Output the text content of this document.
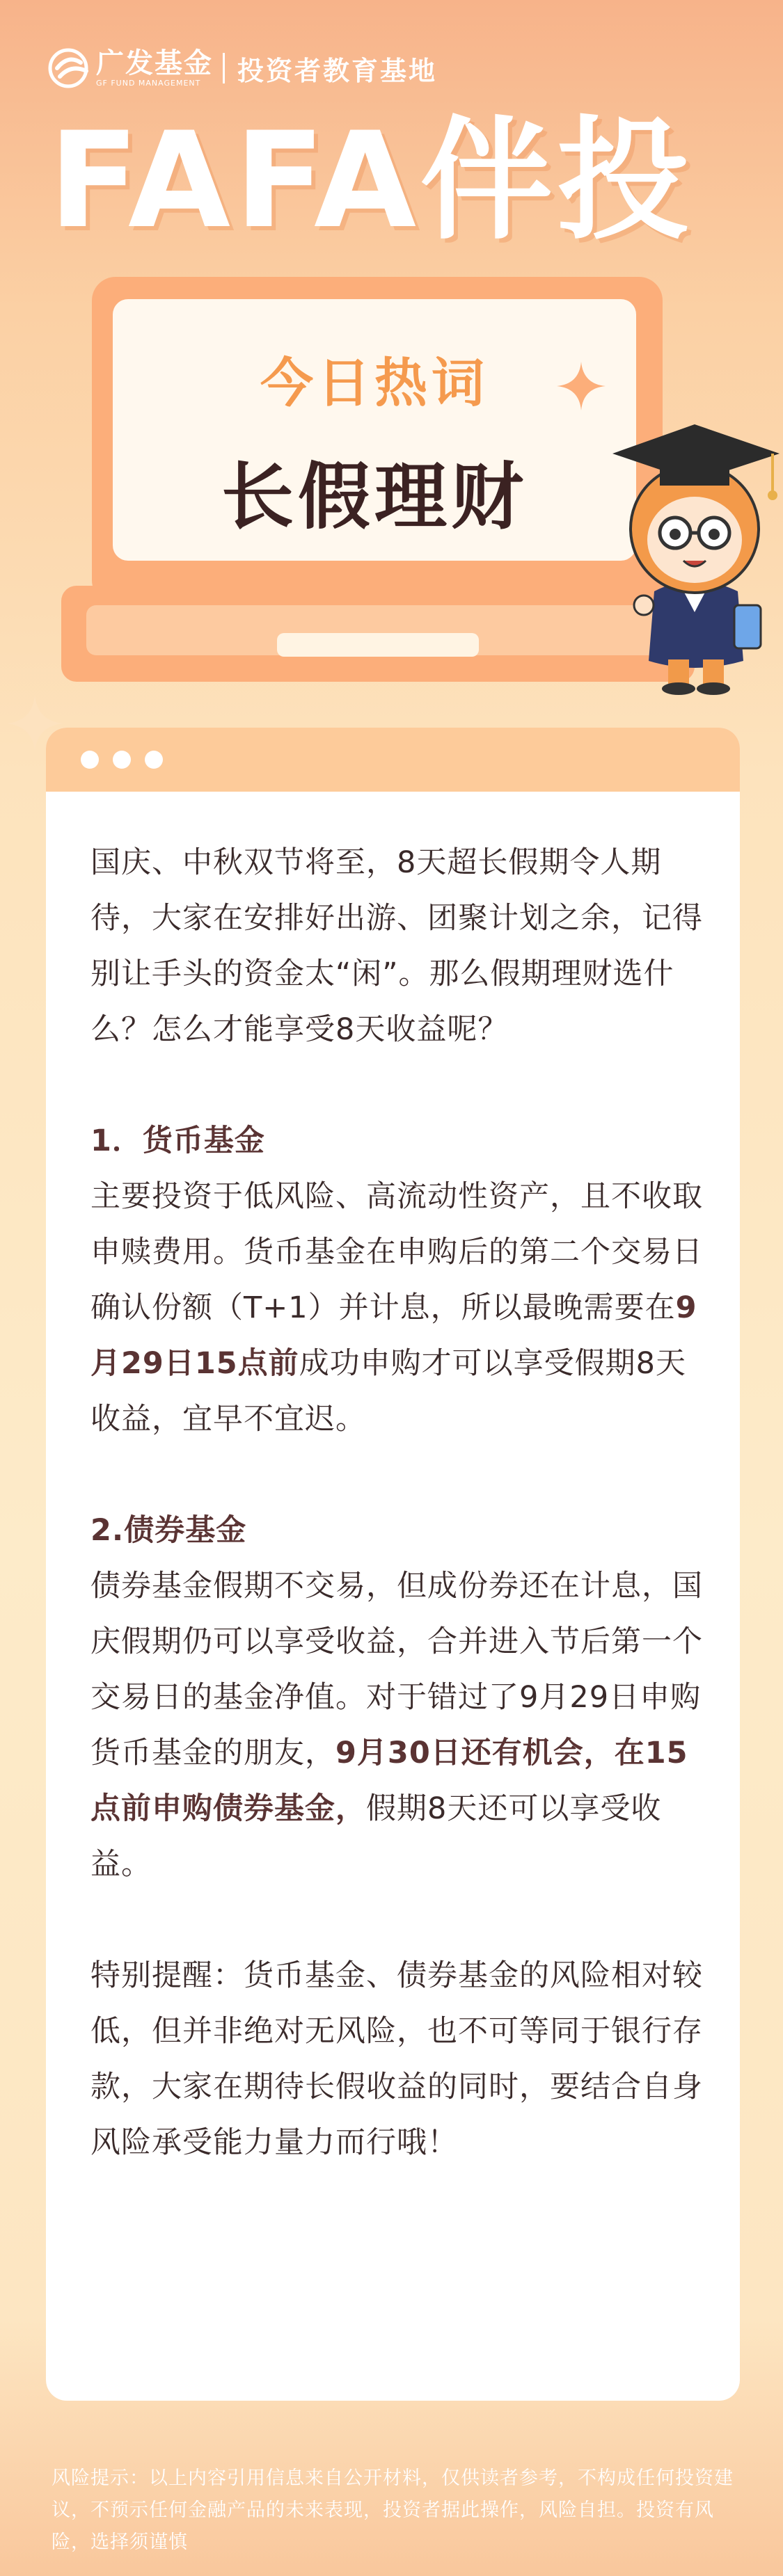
广发基金
GF FUND MANAGEMENT	投资者教育基地
FAFA伴投
今日热词
长假理财

国庆、中秋双节将至，8天超长假期令人期待，大家在安排好出游、团聚计划之余，记得别让手头的资金太“闲”。那么假期理财选什么？怎么才能享受8天收益呢？

1．货币基金

主要投资于低风险、高流动性资产，且不收取申赎费用。货币基金在申购后的第二个交易日确认份额（T+1）并计息，所以最晚需要在9月29日15点前成功申购才可以享受假期8天收益，宜早不宜迟。

2.债券基金

债券基金假期不交易，但成份券还在计息，国庆假期仍可以享受收益，合并进入节后第一个交易日的基金净值。对于错过了9月29日申购货币基金的朋友，9月30日还有机会，在15点前申购债券基金，假期8天还可以享受收益。

特别提醒：货币基金、债券基金的风险相对较低，但并非绝对无风险，也不可等同于银行存款，大家在期待长假收益的同时，要结合自身风险承受能力量力而行哦！

风险提示：以上内容引用信息来自公开材料，仅供读者参考，不构成任何投资建议，不预示任何金融产品的未来表现，投资者据此操作，风险自担。投资有风险，选择须谨慎
